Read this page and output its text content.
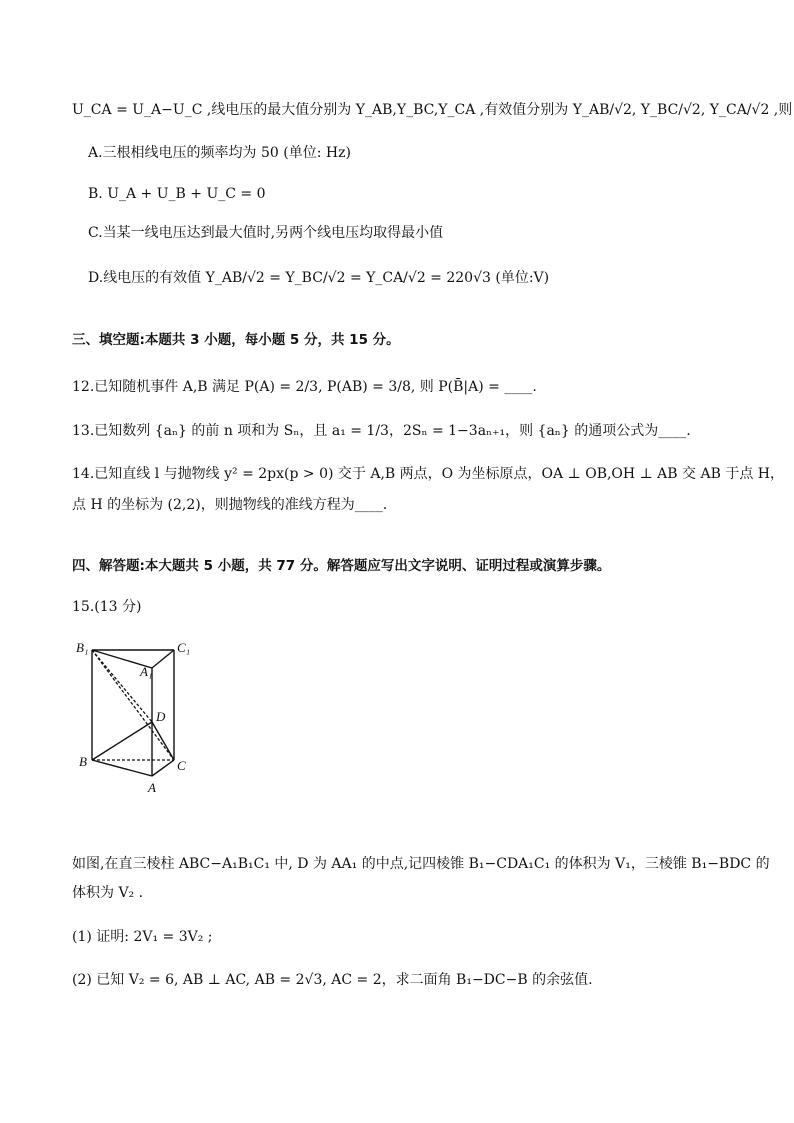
U_CA = U_A−U_C ,线电压的最大值分别为 Y_AB,Y_BC,Y_CA ,有效值分别为 Y_AB/√2, Y_BC/√2, Y_CA/√2 ,则
A.三根相线电压的频率均为 50 (单位: Hz)
B. U_A + U_B + U_C = 0
C.当某一线电压达到最大值时,另两个线电压均取得最小值
D.线电压的有效值 Y_AB/√2 = Y_BC/√2 = Y_CA/√2 = 220√3 (单位:V)
三、填空题:本题共 3 小题，每小题 5 分，共 15 分。
12.已知随机事件 A,B 满足 P(A) = 2/3, P(AB) = 3/8, 则 P(B̄|A) = ____.
13.已知数列 {aₙ} 的前 n 项和为 Sₙ，且 a₁ = 1/3，2Sₙ = 1−3aₙ₊₁，则 {aₙ} 的通项公式为____.
14.已知直线 l 与抛物线 y² = 2px(p > 0) 交于 A,B 两点，O 为坐标原点，OA ⊥ OB,OH ⊥ AB 交 AB 于点 H，
点 H 的坐标为 (2,2)，则抛物线的准线方程为____.
四、解答题:本大题共 5 小题，共 77 分。解答题应写出文字说明、证明过程或演算步骤。
15.(13 分)
B₁	C₁
A₁
D
B	C
A
如图,在直三棱柱 ABC−A₁B₁C₁ 中, D 为 AA₁ 的中点,记四棱锥 B₁−CDA₁C₁ 的体积为 V₁，三棱锥 B₁−BDC 的
体积为 V₂ .
(1) 证明: 2V₁ = 3V₂ ;
(2) 已知 V₂ = 6, AB ⊥ AC, AB = 2√3, AC = 2，求二面角 B₁−DC−B 的余弦值.
